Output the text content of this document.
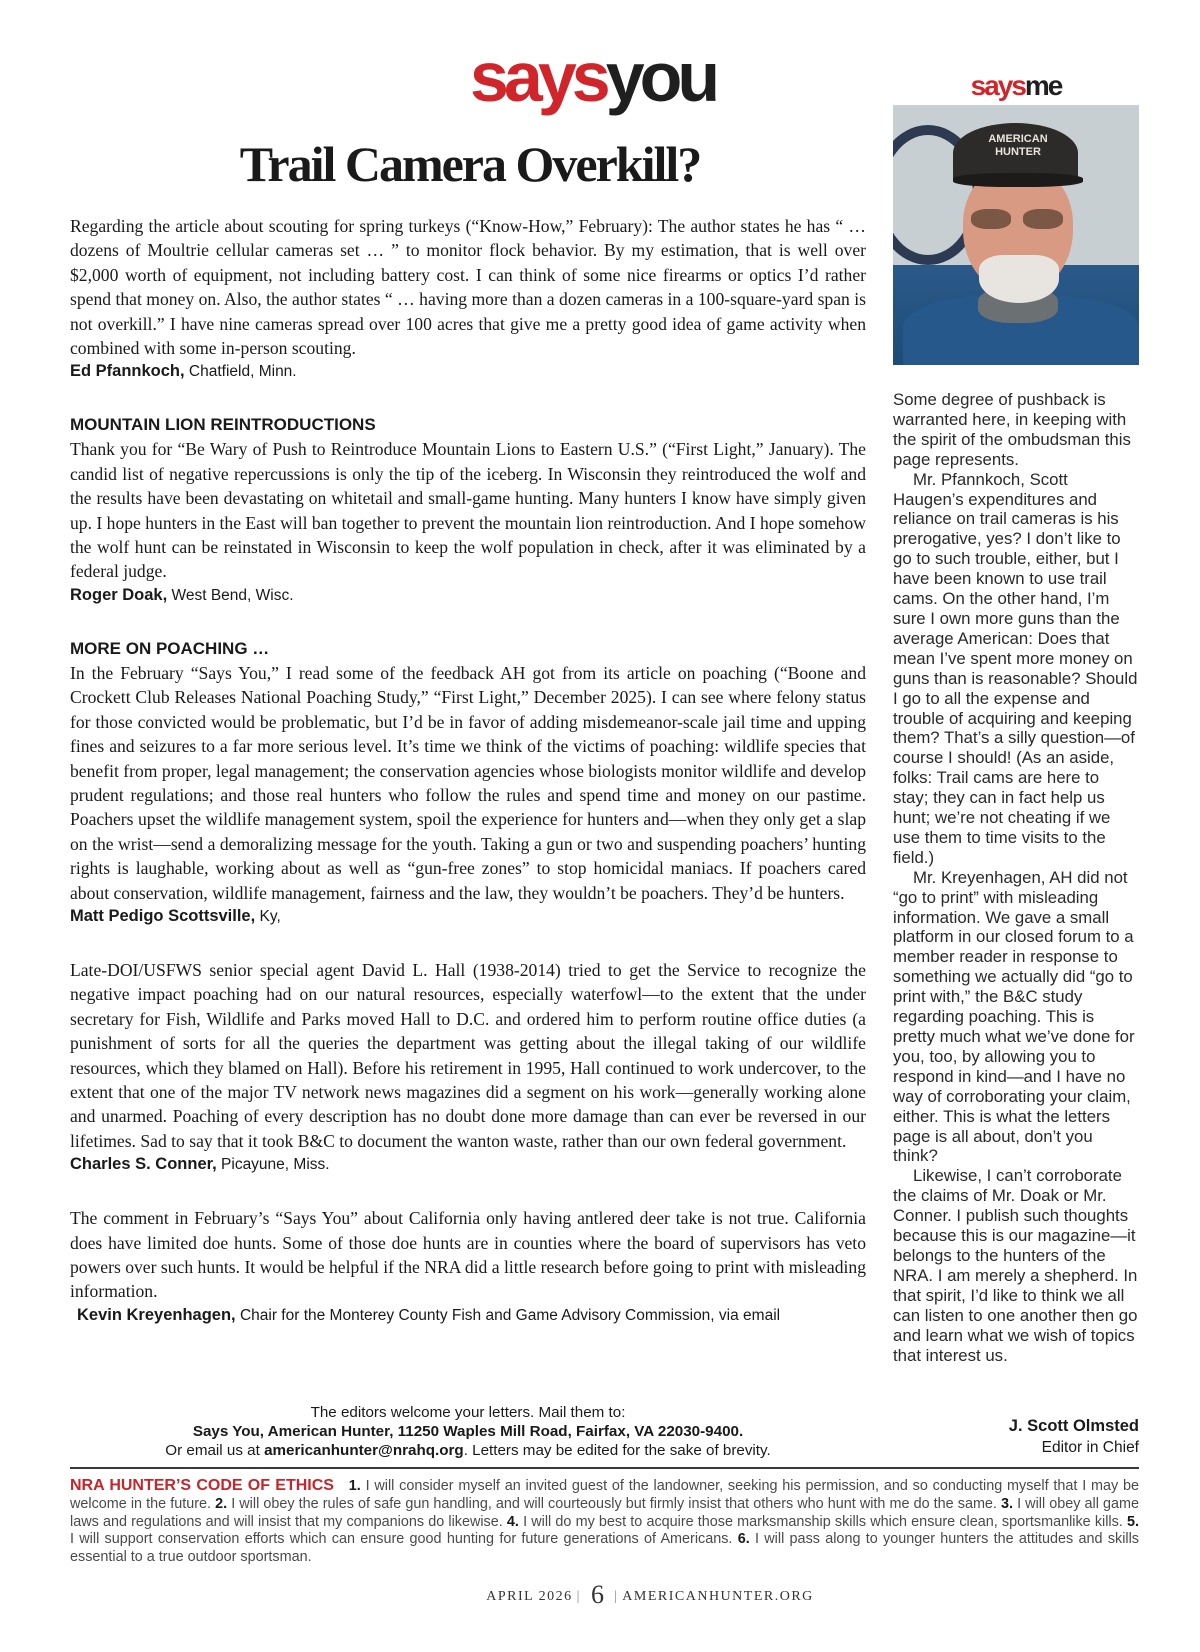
saysyou
Trail Camera Overkill?

Regarding the article about scouting for spring turkeys (“Know-How,” February): The author states he has “ … dozens of Moultrie cellular cameras set … ” to monitor flock behavior. By my estimation, that is well over $2,000 worth of equipment, not including battery cost. I can think of some nice firearms or optics I’d rather spend that money on. Also, the author states “ … having more than a dozen cameras in a 100-square-yard span is not overkill.” I have nine cameras spread over 100 acres that give me a pretty good idea of game activity when combined with some in-person scouting.

Ed Pfannkoch, Chatfield, Minn.

MOUNTAIN LION REINTRODUCTIONS

Thank you for “Be Wary of Push to Reintroduce Mountain Lions to Eastern U.S.” (“First Light,” January). The candid list of negative repercussions is only the tip of the iceberg. In Wisconsin they reintroduced the wolf and the results have been devastating on whitetail and small-game hunting. Many hunters I know have simply given up. I hope hunters in the East will ban together to prevent the mountain lion reintroduction. And I hope somehow the wolf hunt can be reinstated in Wisconsin to keep the wolf population in check, after it was eliminated by a federal judge.

Roger Doak, West Bend, Wisc.

MORE ON POACHING …

In the February “Says You,” I read some of the feedback AH got from its article on poaching (“Boone and Crockett Club Releases National Poaching Study,” “First Light,” December 2025). I can see where felony status for those convicted would be problematic, but I’d be in favor of adding misdemeanor-scale jail time and upping fines and seizures to a far more serious level. It’s time we think of the victims of poaching: wildlife species that benefit from proper, legal management; the conservation agencies whose biologists monitor wildlife and develop prudent regulations; and those real hunters who follow the rules and spend time and money on our pastime. Poachers upset the wildlife management system, spoil the experience for hunters and—when they only get a slap on the wrist—send a demoralizing message for the youth. Taking a gun or two and suspending poachers’ hunting rights is laughable, working about as well as “gun-free zones” to stop homicidal maniacs. If poachers cared about conservation, wildlife management, fairness and the law, they wouldn’t be poachers. They’d be hunters.

Matt Pedigo Scottsville, Ky,

Late-DOI/USFWS senior special agent David L. Hall (1938-2014) tried to get the Service to recognize the negative impact poaching had on our natural resources, especially waterfowl—to the extent that the under secretary for Fish, Wildlife and Parks moved Hall to D.C. and ordered him to perform routine office duties (a punishment of sorts for all the queries the department was getting about the illegal taking of our wildlife resources, which they blamed on Hall). Before his retirement in 1995, Hall continued to work undercover, to the extent that one of the major TV network news magazines did a segment on his work—generally working alone and unarmed. Poaching of every description has no doubt done more damage than can ever be reversed in our lifetimes. Sad to say that it took B&C to document the wanton waste, rather than our own federal government.

Charles S. Conner, Picayune, Miss.

The comment in February’s “Says You” about California only having antlered deer take is not true. California does have limited doe hunts. Some of those doe hunts are in counties where the board of supervisors has veto powers over such hunts. It would be helpful if the NRA did a little research before going to print with misleading information.

Kevin Kreyenhagen, Chair for the Monterey County Fish and Game Advisory Commission, via email

saysme
AMERICAN HUNTER

Some degree of pushback is warranted here, in keeping with the spirit of the ombudsman this page represents.

Mr. Pfannkoch, Scott Haugen’s expenditures and reliance on trail cameras is his prerogative, yes? I don’t like to go to such trouble, either, but I have been known to use trail cams. On the other hand, I’m sure I own more guns than the average American: Does that mean I’ve spent more money on guns than is reasonable? Should I go to all the expense and trouble of acquiring and keeping them? That’s a silly question—of course I should! (As an aside, folks: Trail cams are here to stay; they can in fact help us hunt; we’re not cheating if we use them to time visits to the field.)

Mr. Kreyenhagen, AH did not “go to print” with misleading information. We gave a small platform in our closed forum to a member reader in response to something we actually did “go to print with,” the B&C study regarding poaching. This is pretty much what we’ve done for you, too, by allowing you to respond in kind—and I have no way of corroborating your claim, either. This is what the letters page is all about, don’t you think?

Likewise, I can’t corroborate the claims of Mr. Doak or Mr. Conner. I publish such thoughts because this is our magazine—it belongs to the hunters of the NRA. I am merely a shepherd. In that spirit, I’d like to think we all can listen to one another then go and learn what we wish of topics that interest us.

J. Scott Olmsted
Editor in Chief

The editors welcome your letters. Mail them to:

Says You, American Hunter, 11250 Waples Mill Road, Fairfax, VA 22030-9400.

Or email us at americanhunter@nrahq.org. Letters may be edited for the sake of brevity.

NRA HUNTER’S CODE OF ETHICS 1. I will consider myself an invited guest of the landowner, seeking his permission, and so conducting myself that I may be welcome in the future. 2. I will obey the rules of safe gun handling, and will courteously but firmly insist that others who hunt with me do the same. 3. I will obey all game laws and regulations and will insist that my companions do likewise. 4. I will do my best to acquire those marksmanship skills which ensure clean, sportsmanlike kills. 5. I will support conservation efforts which can ensure good hunting for future generations of Americans. 6. I will pass along to younger hunters the attitudes and skills essential to a true outdoor sportsman.

APRIL 2026 | 6 | AMERICANHUNTER.ORG
